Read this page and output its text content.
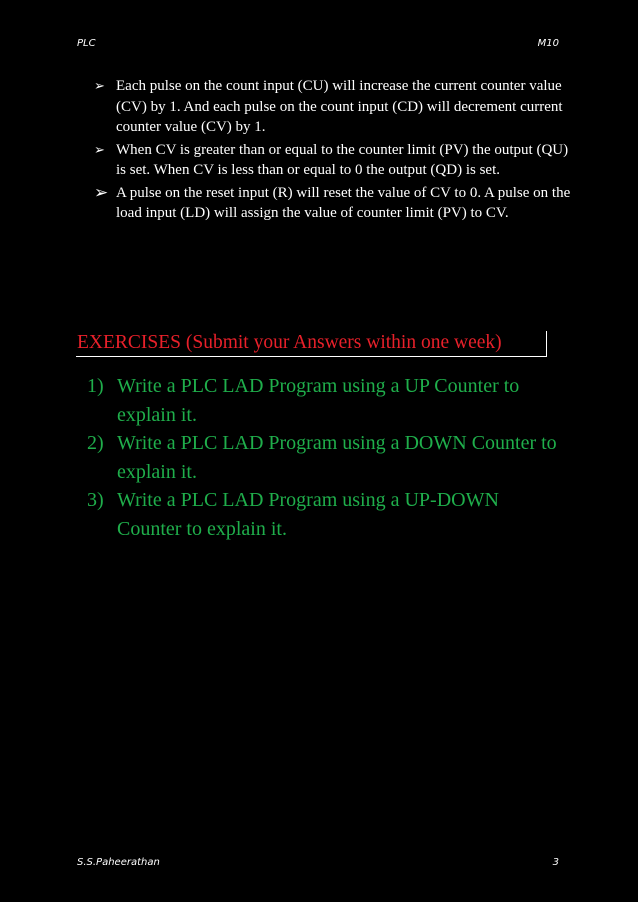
PLC	M10
➢ Each pulse on the count input (CU) will increase the current counter value (CV) by 1. And each pulse on the count input (CD) will decrement current counter value (CV) by 1.
➢ When CV is greater than or equal to the counter limit (PV) the output (QU) is set. When CV is less than or equal to 0 the output (QD) is set.
➢ A pulse on the reset input (R) will reset the value of CV to 0. A pulse on the load input (LD) will assign the value of counter limit (PV) to CV.
EXERCISES (Submit your Answers within one week)
1) Write a PLC LAD Program using a UP Counter to explain it.
2) Write a PLC LAD Program using a DOWN Counter to explain it.
3) Write a PLC LAD Program using a UP-DOWN Counter to explain it.
S.S.Paheerathan	3
